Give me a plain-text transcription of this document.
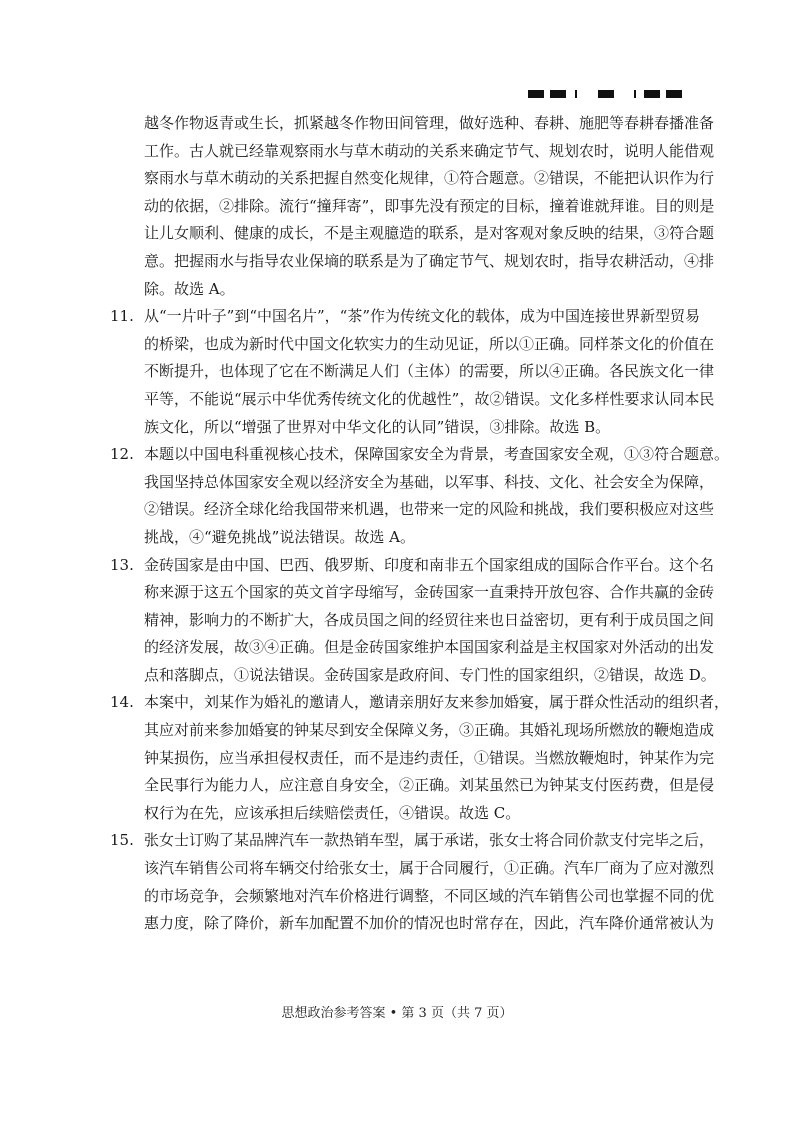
越冬作物返青或生长，抓紧越冬作物田间管理，做好选种、春耕、施肥等春耕春播准备
工作。古人就已经靠观察雨水与草木萌动的关系来确定节气、规划农时，说明人能借观
察雨水与草木萌动的关系把握自然变化规律，①符合题意。②错误，不能把认识作为行
动的依据，②排除。流行“撞拜寄”，即事先没有预定的目标，撞着谁就拜谁。目的则是
让儿女顺利、健康的成长，不是主观臆造的联系，是对客观对象反映的结果，③符合题
意。把握雨水与指导农业保墒的联系是为了确定节气、规划农时，指导农耕活动，④排
除。故选 A。
11. 从“一片叶子”到“中国名片”，“茶”作为传统文化的载体，成为中国连接世界新型贸易
的桥梁，也成为新时代中国文化软实力的生动见证，所以①正确。同样茶文化的价值在
不断提升，也体现了它在不断满足人们（主体）的需要，所以④正确。各民族文化一律
平等，不能说“展示中华优秀传统文化的优越性”，故②错误。文化多样性要求认同本民
族文化，所以“增强了世界对中华文化的认同”错误，③排除。故选 B。
12. 本题以中国电科重视核心技术，保障国家安全为背景，考查国家安全观，①③符合题意。
我国坚持总体国家安全观以经济安全为基础，以军事、科技、文化、社会安全为保障，
②错误。经济全球化给我国带来机遇，也带来一定的风险和挑战，我们要积极应对这些
挑战，④“避免挑战”说法错误。故选 A。
13. 金砖国家是由中国、巴西、俄罗斯、印度和南非五个国家组成的国际合作平台。这个名
称来源于这五个国家的英文首字母缩写，金砖国家一直秉持开放包容、合作共赢的金砖
精神，影响力的不断扩大，各成员国之间的经贸往来也日益密切，更有利于成员国之间
的经济发展，故③④正确。但是金砖国家维护本国国家利益是主权国家对外活动的出发
点和落脚点，①说法错误。金砖国家是政府间、专门性的国家组织，②错误，故选 D。
14. 本案中，刘某作为婚礼的邀请人，邀请亲朋好友来参加婚宴，属于群众性活动的组织者，
其应对前来参加婚宴的钟某尽到安全保障义务，③正确。其婚礼现场所燃放的鞭炮造成
钟某损伤，应当承担侵权责任，而不是违约责任，①错误。当燃放鞭炮时，钟某作为完
全民事行为能力人，应注意自身安全，②正确。刘某虽然已为钟某支付医药费，但是侵
权行为在先，应该承担后续赔偿责任，④错误。故选 C。
15. 张女士订购了某品牌汽车一款热销车型，属于承诺，张女士将合同价款支付完毕之后，
该汽车销售公司将车辆交付给张女士，属于合同履行，①正确。汽车厂商为了应对激烈
的市场竞争，会频繁地对汽车价格进行调整，不同区域的汽车销售公司也掌握不同的优
惠力度，除了降价，新车加配置不加价的情况也时常存在，因此，汽车降价通常被认为
思想政治参考答案 • 第 3 页（共 7 页）
